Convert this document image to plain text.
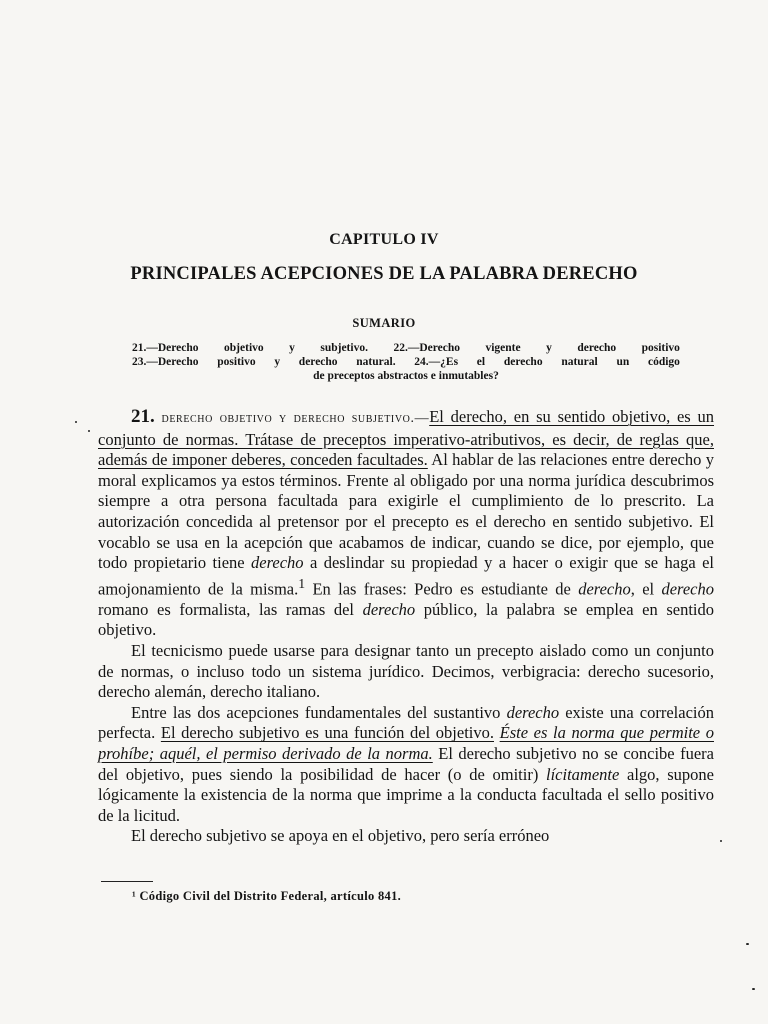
CAPITULO IV
PRINCIPALES ACEPCIONES DE LA PALABRA DERECHO
SUMARIO
21.—Derecho objetivo y subjetivo. 22.—Derecho vigente y derecho positivo
23.—Derecho positivo y derecho natural. 24.—¿Es el derecho natural un código
de preceptos abstractos e inmutables?

21. derecho objetivo y derecho subjetivo.—El derecho, en su sentido objetivo, es un conjunto de normas. Trátase de preceptos imperativo-atributivos, es decir, de reglas que, además de imponer deberes, conceden facultades. Al hablar de las relaciones entre derecho y moral explicamos ya estos términos. Frente al obligado por una norma jurídica descubrimos siempre a otra persona facultada para exigirle el cumplimiento de lo prescrito. La autorización concedida al pretensor por el precepto es el derecho en sentido subjetivo. El vocablo se usa en la acepción que acabamos de indicar, cuando se dice, por ejemplo, que todo propietario tiene derecho a deslindar su propiedad y a hacer o exigir que se haga el amojonamiento de la misma.$^1$ En las frases: Pedro es estudiante de derecho, el derecho romano es formalista, las ramas del derecho público, la palabra se emplea en sentido objetivo.

El tecnicismo puede usarse para designar tanto un precepto aislado como un conjunto de normas, o incluso todo un sistema jurídico. Decimos, verbigracia: derecho sucesorio, derecho alemán, derecho italiano.

Entre las dos acepciones fundamentales del sustantivo derecho existe una correlación perfecta. El derecho subjetivo es una función del objetivo. Éste es la norma que permite o prohíbe; aquél, el permiso derivado de la norma. El derecho subjetivo no se concibe fuera del objetivo, pues siendo la posibilidad de hacer (o de omitir) lícitamente algo, supone lógicamente la existencia de la norma que imprime a la conducta facultada el sello positivo de la licitud.

El derecho subjetivo se apoya en el objetivo, pero sería erróneo

¹ Código Civil del Distrito Federal, artículo 841.
